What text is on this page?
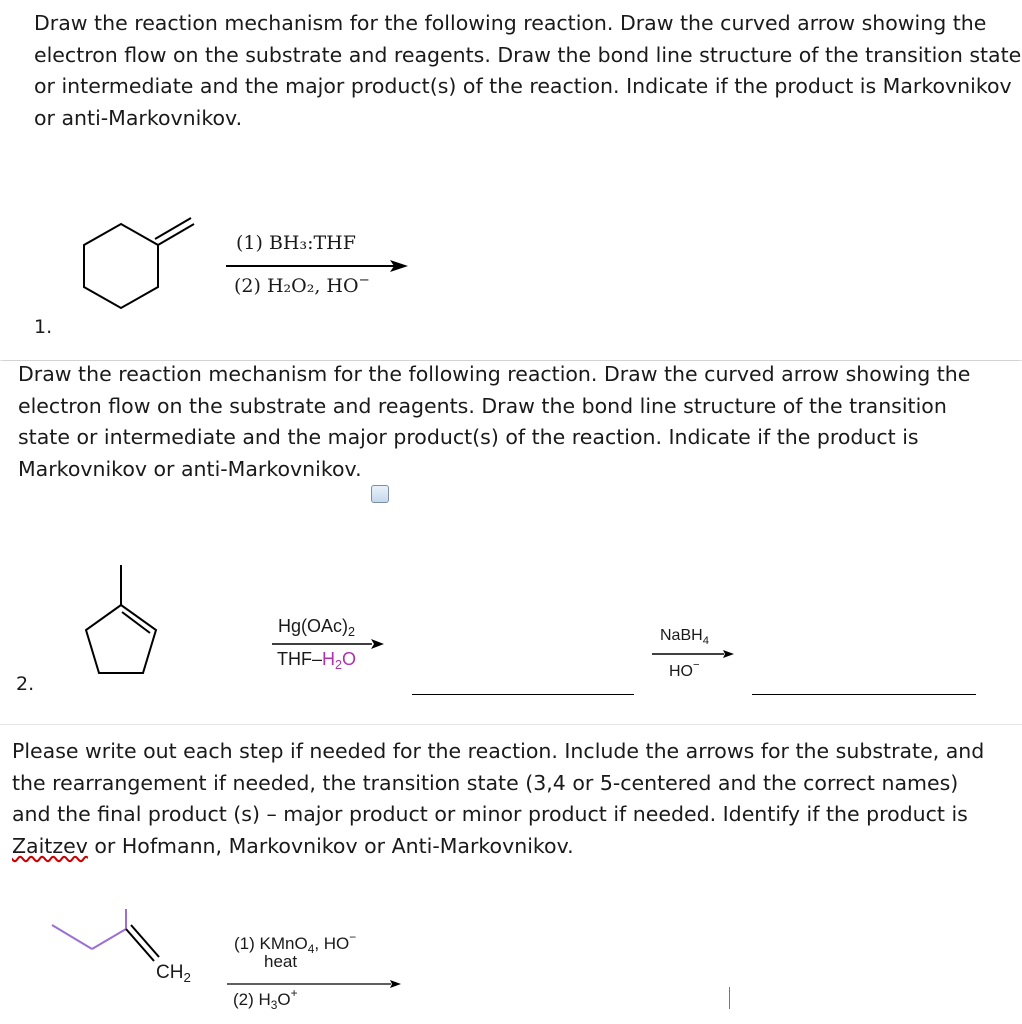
Draw the reaction mechanism for the following reaction. Draw the curved arrow showing the electron flow on the substrate and reagents. Draw the bond line structure of the transition state or intermediate and the major product(s) of the reaction. Indicate if the product is Markovnikov or anti-Markovnikov.

(1) BH₃:THF
(2) H₂O₂, HO−
1.

Draw the reaction mechanism for the following reaction. Draw the curved arrow showing the electron flow on the substrate and reagents. Draw the bond line structure of the transition state or intermediate and the major product(s) of the reaction. Indicate if the product is Markovnikov or anti-Markovnikov.

$Hg(OAc)_2$
THF–$H_2O$
NaBH$_4$
HO−
2.

Please write out each step if needed for the reaction. Include the arrows for the substrate, and the rearrangement if needed, the transition state (3,4 or 5-centered and the correct names) and the final product (s) – major product or minor product if needed. Identify if the product is Zaitzev or Hofmann, Markovnikov or Anti-Markovnikov.

$CH_2$
(1) KMnO$_4$, HO−
heat
(2) $H_3O^+$
